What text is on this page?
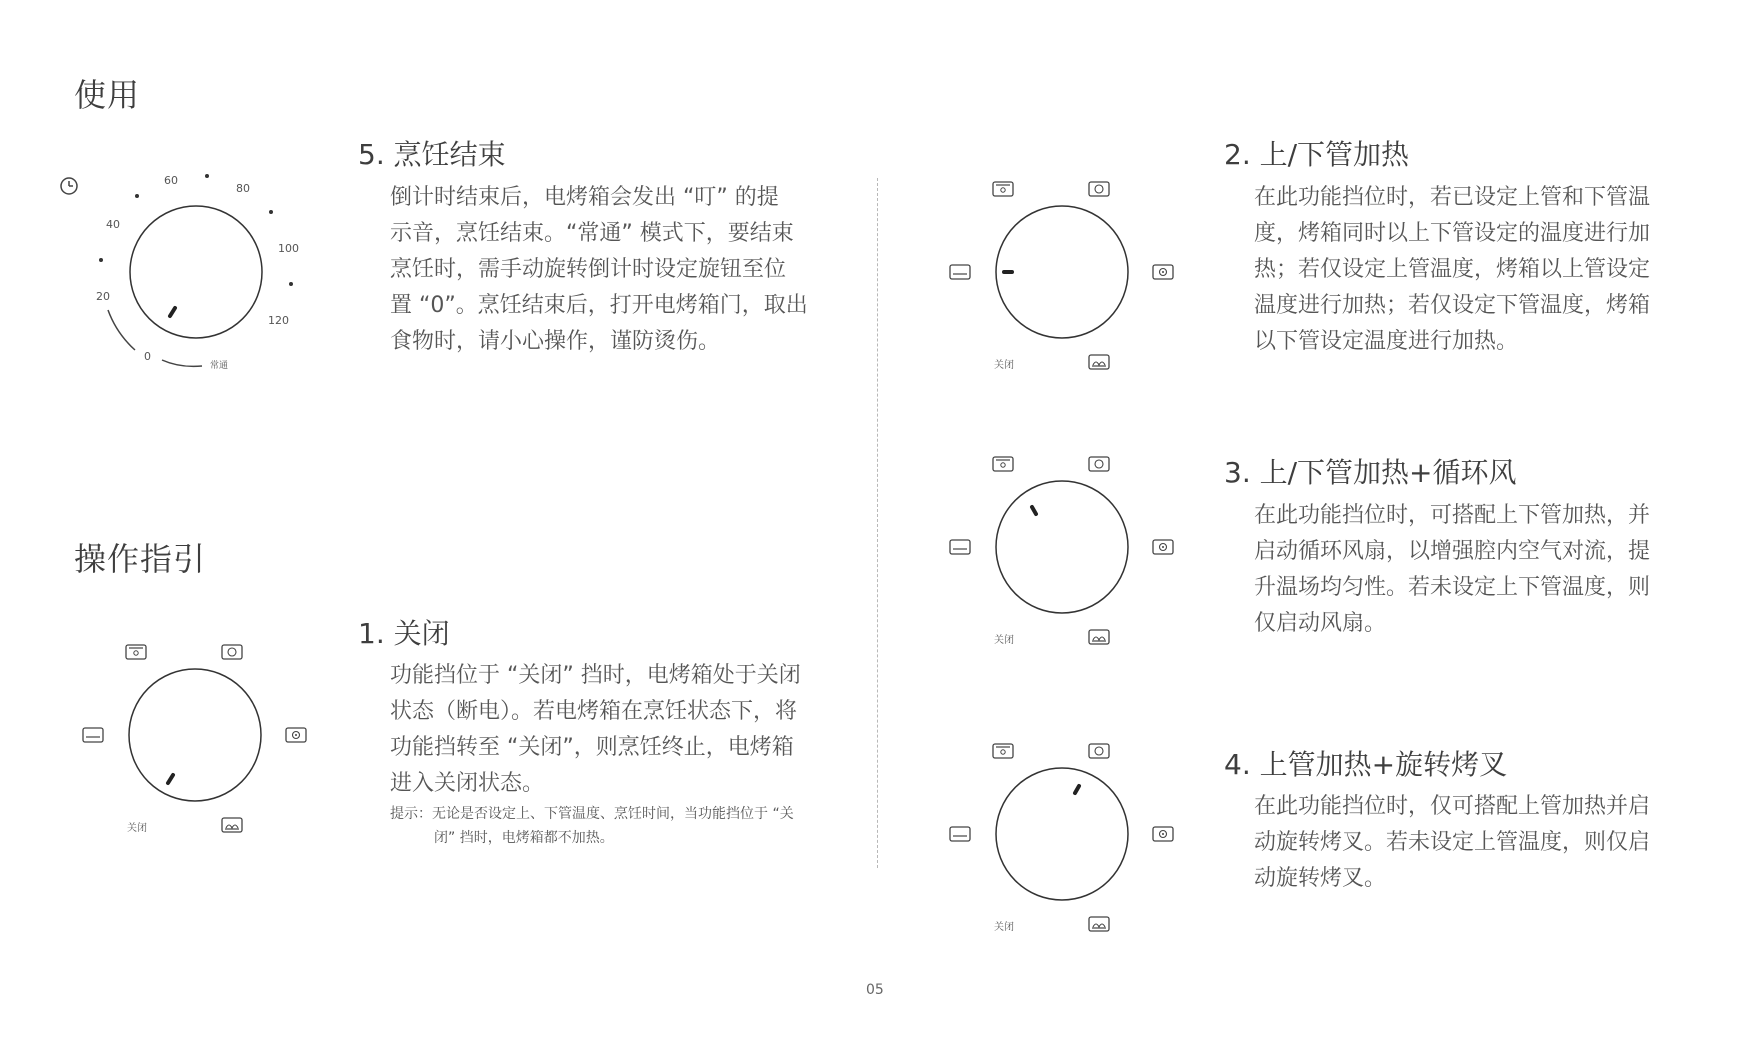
使用
操作指引
0
20
40
60
80
100
120
常通
5. 烹饪结束
倒计时结束后，电烤箱会发出 “叮” 的提
示音，烹饪结束。“常通” 模式下，要结束
烹饪时，需手动旋转倒计时设定旋钮至位
置 “0”。烹饪结束后，打开电烤箱门，取出
食物时，请小心操作，谨防烫伤。
关闭
1. 关闭
功能挡位于 “关闭” 挡时，电烤箱处于关闭
状态（断电）。若电烤箱在烹饪状态下，将
功能挡转至 “关闭”，则烹饪终止，电烤箱
进入关闭状态。
提示：无论是否设定上、下管温度、烹饪时间，当功能挡位于 “关
闭” 挡时，电烤箱都不加热。
关闭
2. 上/下管加热
在此功能挡位时，若已设定上管和下管温
度，烤箱同时以上下管设定的温度进行加
热；若仅设定上管温度，烤箱以上管设定
温度进行加热；若仅设定下管温度，烤箱
以下管设定温度进行加热。
关闭
3. 上/下管加热+循环风
在此功能挡位时，可搭配上下管加热，并
启动循环风扇，以增强腔内空气对流，提
升温场均匀性。若未设定上下管温度，则
仅启动风扇。
关闭
4. 上管加热+旋转烤叉
在此功能挡位时，仅可搭配上管加热并启
动旋转烤叉。若未设定上管温度，则仅启
动旋转烤叉。
05
